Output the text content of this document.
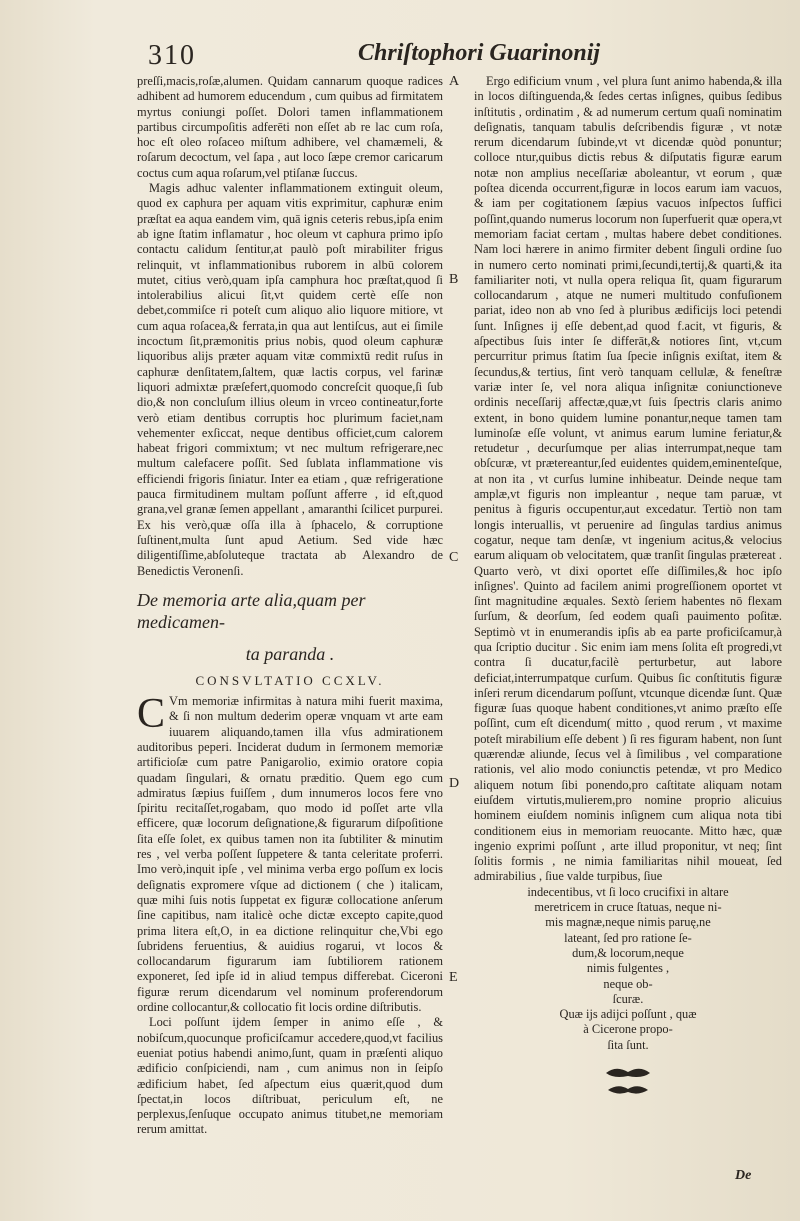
310	Chriſtophori Guarinonij

preſſi,macis,roſæ,alumen. Quidam cannarum quoque radices adhibent ad humorem educendum , cum quibus ad firmitatem myrtus coniungi poſſet. Dolori tamen inflammationem partibus circumpoſitis adferēti non eſſet ab re lac cum roſa, hoc eſt oleo roſaceo miſtum adhibere, vel chamæmeli, & roſarum decoctum, vel ſapa , aut loco ſæpe cremor caricarum coctus cum aqua roſarum,vel ptiſanæ ſuccus.

Magis adhuc valenter inflammationem extinguit oleum, quod ex caphura per aquam vitis exprimitur, caphuræ enim præſtat ea aqua eandem vim, quā ignis ceteris rebus,ipſa enim ab igne ſtatim inflamatur , hoc oleum vt caphura primo ipſo contactu calidum ſentitur,at paulò poſt mirabiliter frigus relinquit, vt inflammationibus ruborem in albū colorem mutet, citius verò,quam ipſa camphura hoc præſtat,quod ſi intolerabilius alicui ſit,vt quidem certè eſſe non debet,commiſce ri poteſt cum aliquo alio liquore mitiore, vt cum aqua roſacea,& ferrata,in qua aut lentiſcus, aut ei ſimile incoctum ſit,præmonitis prius nobis, quod oleum caphuræ liquoribus alijs præter aquam vitæ commixtū redit ruſus in caphuræ denſitatem,ſaltem, quæ lactis corpus, vel farinæ liquori admixtæ præſefert,quomodo concreſcit quoque,ſi ſub dio,& non concluſum illius oleum in vrceo contineatur,forte verò etiam dentibus corruptis hoc plurimum faciet,nam vehementer exſiccat, neque dentibus officiet,cum calorem habeat frigori commixtum; vt nec multum refrigerare,nec multum calefacere poſſit. Sed ſublata inflammatione vis efficiendi frigoris ſiniatur. Inter ea etiam , quæ refrigeratione pauca firmitudinem multam poſſunt afferre , id eſt,quod grana,vel granæ ſemen appellant , amaranthi ſcilicet purpurei. Ex his verò,quæ oſſa illa à ſphacelo, & corruptione ſuſtinent,multa ſunt apud Aetium. Sed vide hæc diligentiſſime,abſoluteque tractata ab Alexandro de Benedictis Veronenſi.

De memoria arte alia,quam per medicamen-
ta paranda .
CONSVLTATIO CCXLV.

C Vm memoriæ infirmitas à natura mihi fuerit maxima, & ſi non multum dederim operæ vnquam vt arte eam iuuarem aliquando,tamen illa vſus admirationem auditoribus peperi. Inciderat dudum in ſermonem memoriæ artificioſæ cum patre Panigarolio, eximio oratore copia quadam ſingulari, & ornatu præditio. Quem ego cum admiratus ſæpius fuiſſem , dum innumeros locos fere vno ſpiritu recitaſſet,rogabam, quo modo id poſſet arte vlla efficere, quæ locorum deſignatione,& figurarum diſpoſitione ſita eſſe ſolet, ex quibus tamen non ita ſubtiliter & minutim res , vel verba poſſent ſuppetere & tanta celeritate proferri. Imo verò,inquit ipſe , vel minima verba ergo poſſum ex locis deſignatis expromere vſque ad dictionem ( che ) italicam, quæ mihi ſuis notis ſuppetat ex figuræ collocatione anſerum ſine capitibus, nam italicè oche dictæ excepto capite,quod prima litera eſt,O, in ea dictione relinquitur che,Vbi ego ſubridens feruentius, & auidius rogarui, vt locos & collocandarum figurarum iam ſubtiliorem rationem exponeret, ſed ipſe id in aliud tempus differebat. Ciceroni figuræ rerum dicendarum vel nominum proferendorum ordine collocantur,& collocatio fit locis ordine diſtributis.

Loci poſſunt ijdem ſemper in animo eſſe , & nobiſcum,quocunque proficiſcamur accedere,quod,vt facilius eueniat potius habendi animo,ſunt, quam in præſenti aliquo ædificio conſpiciendi, nam , cum animus non in ſeipſo ædificium habet, ſed aſpectum eius quærit,quod dum ſpectat,in locos diſtribuat, periculum eſt, ne perplexus,ſenſuque occupato animus titubet,ne memoriam rerum amittat.

A
B
C
D
E

Ergo edificium vnum , vel plura ſunt animo habenda,& illa in locos diſtinguenda,& ſedes certas inſignes, quibus ſedibus inſtitutis , ordinatim , & ad numerum certum quaſi nominatim deſignatis, tanquam tabulis deſcribendis figuræ , vt notæ rerum dicendarum ſubinde,vt vt dicendæ quòd ponuntur; colloce ntur,quibus dictis rebus & diſputatis figuræ earum notæ non amplius neceſſariæ aboleantur, vt eorum , quæ poſtea dicenda occurrent,figuræ in locos earum iam vacuos, & iam per cogitationem ſæpius vacuos inſpectos ſuffici poſſint,quando numerus locorum non ſuperfuerit quæ opera,vt memoriam faciat certam , multas habere debet conditiones. Nam loci hærere in animo firmiter debent ſinguli ordine ſuo in numero certo nominati primi,ſecundi,tertij,& quarti,& ita familiariter noti, vt nulla opera reliqua ſit, quam figurarum collocandarum , atque ne numeri multitudo confuſionem pariat, ideo non ab vno ſed à pluribus ædificijs loci petendi ſunt. Inſignes ij eſſe debent,ad quod f.acit, vt figuris, & aſpectibus ſuis inter ſe differāt,& notiores ſint, vt,cum percurritur primus ſtatim ſua ſpecie inſignis exiſtat, item & ſecundus,& tertius, ſint verò tanquam cellulæ, & feneſtræ variæ inter ſe, vel nora aliqua inſignitæ coniunctioneve ordinis neceſſarij affectæ,quæ,vt ſuis ſpectris claris animo extent, in bono quidem lumine ponantur,neque tamen tam luminoſæ eſſe volunt, vt animus earum lumine feriatur,& retudetur , decurſumque per alias interrumpat,neque tam obſcuræ, vt prætereantur,ſed euidentes quidem,eminenteſque, at non ita , vt curſus lumine inhibeatur. Deinde neque tam amplæ,vt figuris non impleantur , neque tam paruæ, vt penitus à figuris occupentur,aut excedatur. Tertiò non tam longis interuallis, vt peruenire ad ſingulas tardius animus cogatur, neque tam denſæ, vt ingenium acitus,& velocius earum aliquam ob velocitatem, quæ tranſit ſingulas prætereat . Quarto verò, vt dixi oportet eſſe diſſimiles,& hoc ipſo inſignes'. Quinto ad facilem animi progreſſionem oportet vt ſint magnitudine æquales. Sextò ſeriem habentes nō flexam ſurſum, & deorſum, ſed eodem quaſi pauimento poſitæ. Septimò vt in enumerandis ipſis ab ea parte proficiſcamur,à qua ſcriptio ducitur . Sic enim iam mens ſolita eſt progredi,vt contra ſi ducatur,facilè perturbetur, aut labore deficiat,interrumpatque curſum. Quibus ſic conſtitutis figuræ inſeri rerum dicendarum poſſunt, vtcunque dicendæ ſunt. Quæ figuræ ſuas quoque habent conditiones,vt animo præſto eſſe poſſint, cum eſt dicendum( mitto , quod rerum , vt maxime poteſt mirabilium eſſe debent ) ſi res figuram habent, non ſunt quærendæ aliunde, ſecus vel à ſimilibus , vel comparatione rationis, vel alio modo coniunctis petendæ, vt pro Medico aliquem notum ſibi ponendo,pro caſtitate aliquam notam eiuſdem virtutis,mulierem,pro nomine proprio alicuius hominem eiuſdem nominis inſignem cum aliqua nota tibi conditionem eius in memoriam reuocante. Mitto hæc, quæ ingenio exprimi poſſunt , arte illud proponitur, vt neq; ſint ſolitis formis , ne nimia familiaritas nihil moueat, ſed admirabilius , ſiue valde turpibus, ſiue

indecentibus, vt ſi loco crucifixi in altare
meretricem in cruce ſtatuas, neque ni-
mis magnæ,neque nimis paruę,ne
lateant, ſed pro ratione ſe-
dum,& locorum,neque
nimis fulgentes ,
neque ob-
ſcuræ.
Quæ ijs adijci poſſunt , quæ
à Cicerone propo-
ſita ſunt.
De
